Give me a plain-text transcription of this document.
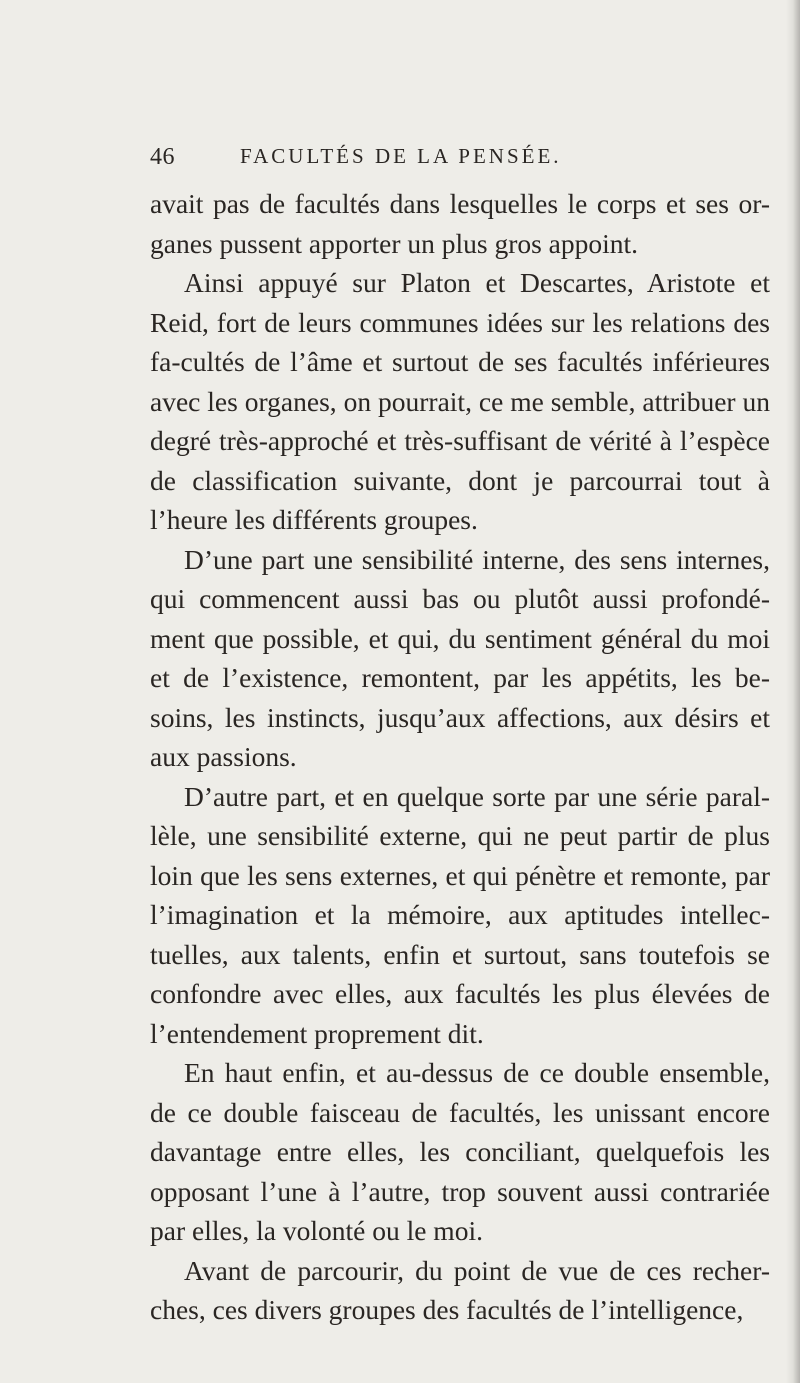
46	FACULTÉS DE LA PENSÉE.

avait pas de facultés dans lesquelles le corps et ses or-ganes pussent apporter un plus gros appoint.

Ainsi appuyé sur Platon et Descartes, Aristote et Reid, fort de leurs communes idées sur les relations des fa-cultés de l’âme et surtout de ses facultés inférieures avec les organes, on pourrait, ce me semble, attribuer un degré très-approché et très-suffisant de vérité à l’espèce de classification suivante, dont je parcourrai tout à l’heure les différents groupes.

D’une part une sensibilité interne, des sens internes, qui commencent aussi bas ou plutôt aussi profondé-ment que possible, et qui, du sentiment général du moi et de l’existence, remontent, par les appétits, les be-soins, les instincts, jusqu’aux affections, aux désirs et aux passions.

D’autre part, et en quelque sorte par une série paral-lèle, une sensibilité externe, qui ne peut partir de plus loin que les sens externes, et qui pénètre et remonte, par l’imagination et la mémoire, aux aptitudes intellec-tuelles, aux talents, enfin et surtout, sans toutefois se confondre avec elles, aux facultés les plus élevées de l’entendement proprement dit.

En haut enfin, et au-dessus de ce double ensemble, de ce double faisceau de facultés, les unissant encore davantage entre elles, les conciliant, quelquefois les opposant l’une à l’autre, trop souvent aussi contrariée par elles, la volonté ou le moi.

Avant de parcourir, du point de vue de ces recher-ches, ces divers groupes des facultés de l’intelligence,
